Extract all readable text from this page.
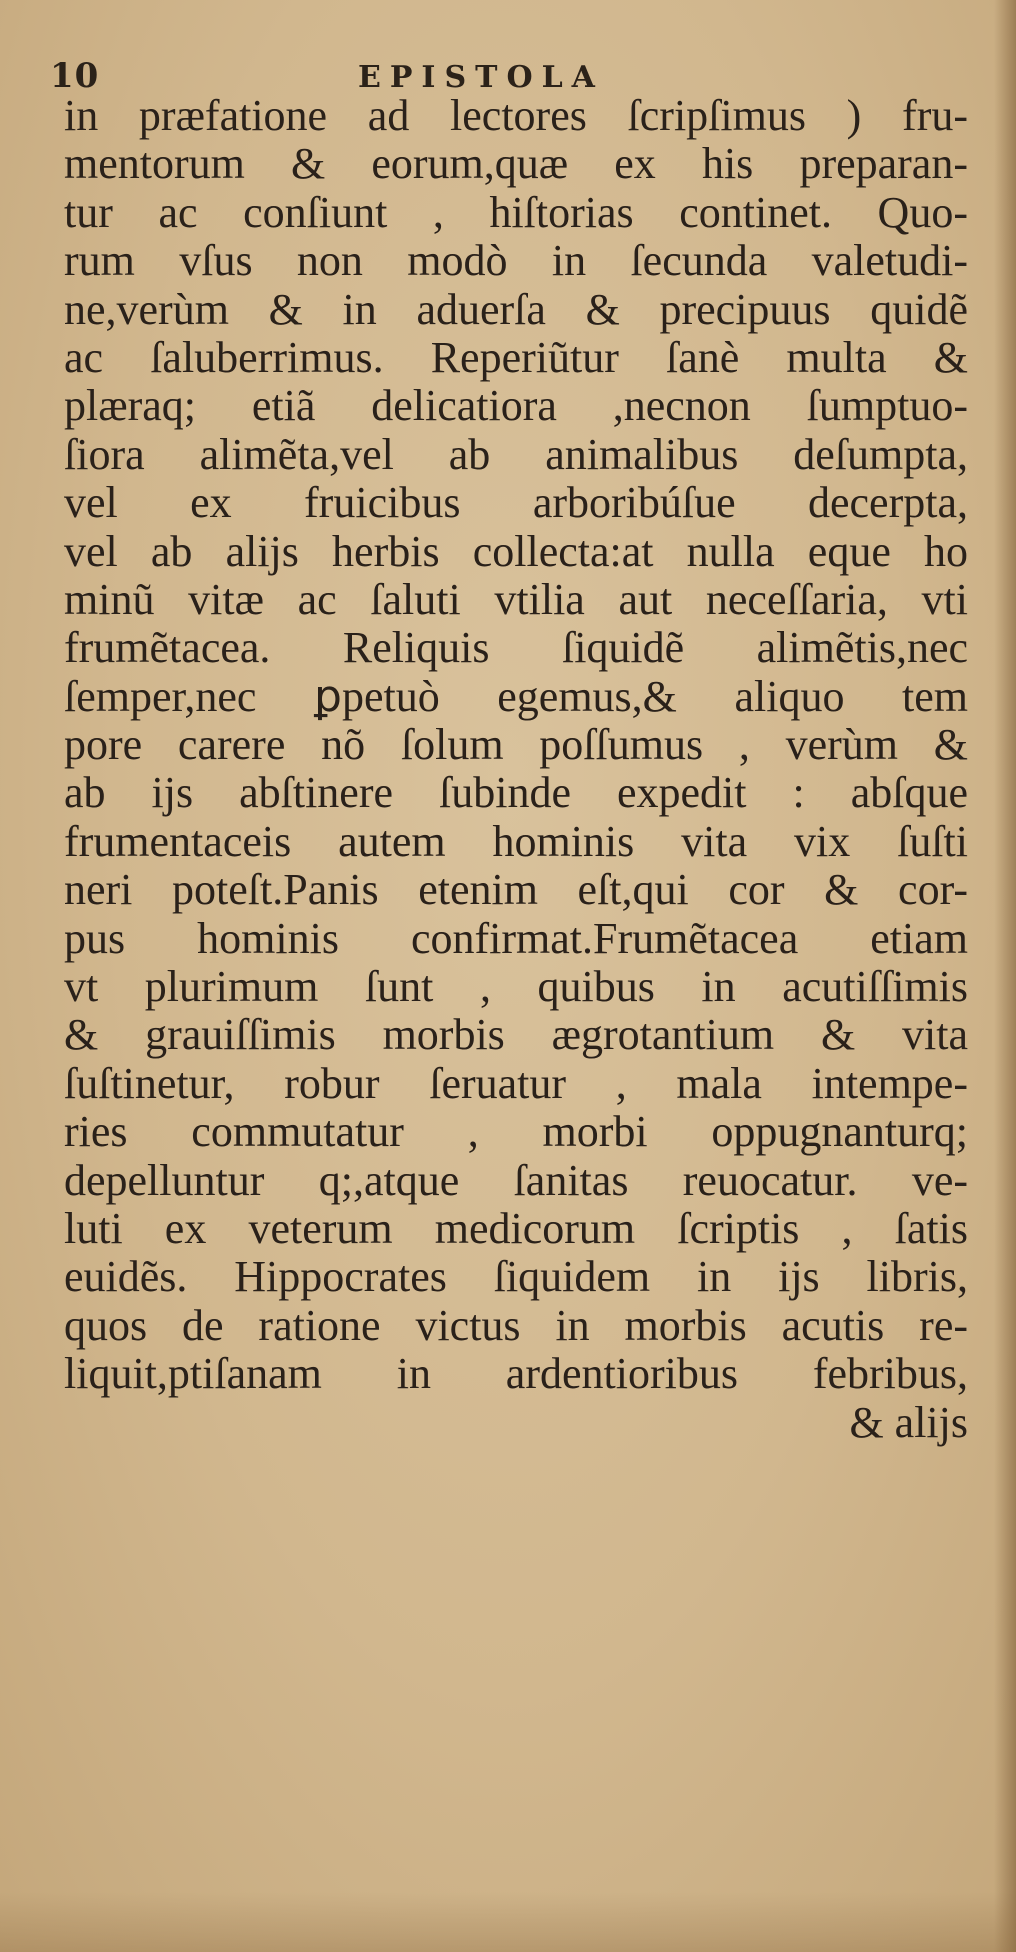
10	EPISTOLA
in præfatione ad lectores ſcripſimus ) fru-
mentorum & eorum,quæ ex his preparan-
tur ac conſiunt , hiſtorias continet. Quo-
rum vſus non modò in ſecunda valetudi-
ne,verùm & in aduerſa & precipuus quidẽ
ac ſaluberrimus. Reperiũtur ſanè multa &
plæraq; etiã delicatiora ,necnon ſumptuo-
ſiora alimẽta,vel ab animalibus deſumpta,
vel ex fruicibus arboribúſue decerpta,
vel ab alijs herbis collecta:at nulla eque ho
minũ vitæ ac ſaluti vtilia aut neceſſaria, vti
frumẽtacea. Reliquis ſiquidẽ alimẽtis,nec
ſemper,nec ꝑpetuò egemus,& aliquo tem
pore carere nõ ſolum poſſumus , verùm &
ab ijs abſtinere ſubinde expedit : abſque
frumentaceis autem hominis vita vix ſuſti
neri poteſt.Panis etenim eſt,qui cor & cor-
pus hominis confirmat.Frumẽtacea etiam
vt plurimum ſunt , quibus in acutiſſimis
& grauiſſimis morbis ægrotantium & vita
ſuſtinetur, robur ſeruatur , mala intempe-
ries commutatur , morbi oppugnanturq;
depelluntur q;,atque ſanitas reuocatur. ve-
luti ex veterum medicorum ſcriptis , ſatis
euidẽs. Hippocrates ſiquidem in ijs libris,
quos de ratione victus in morbis acutis re-
liquit,ptiſanam in ardentioribus febribus,
& alijs
